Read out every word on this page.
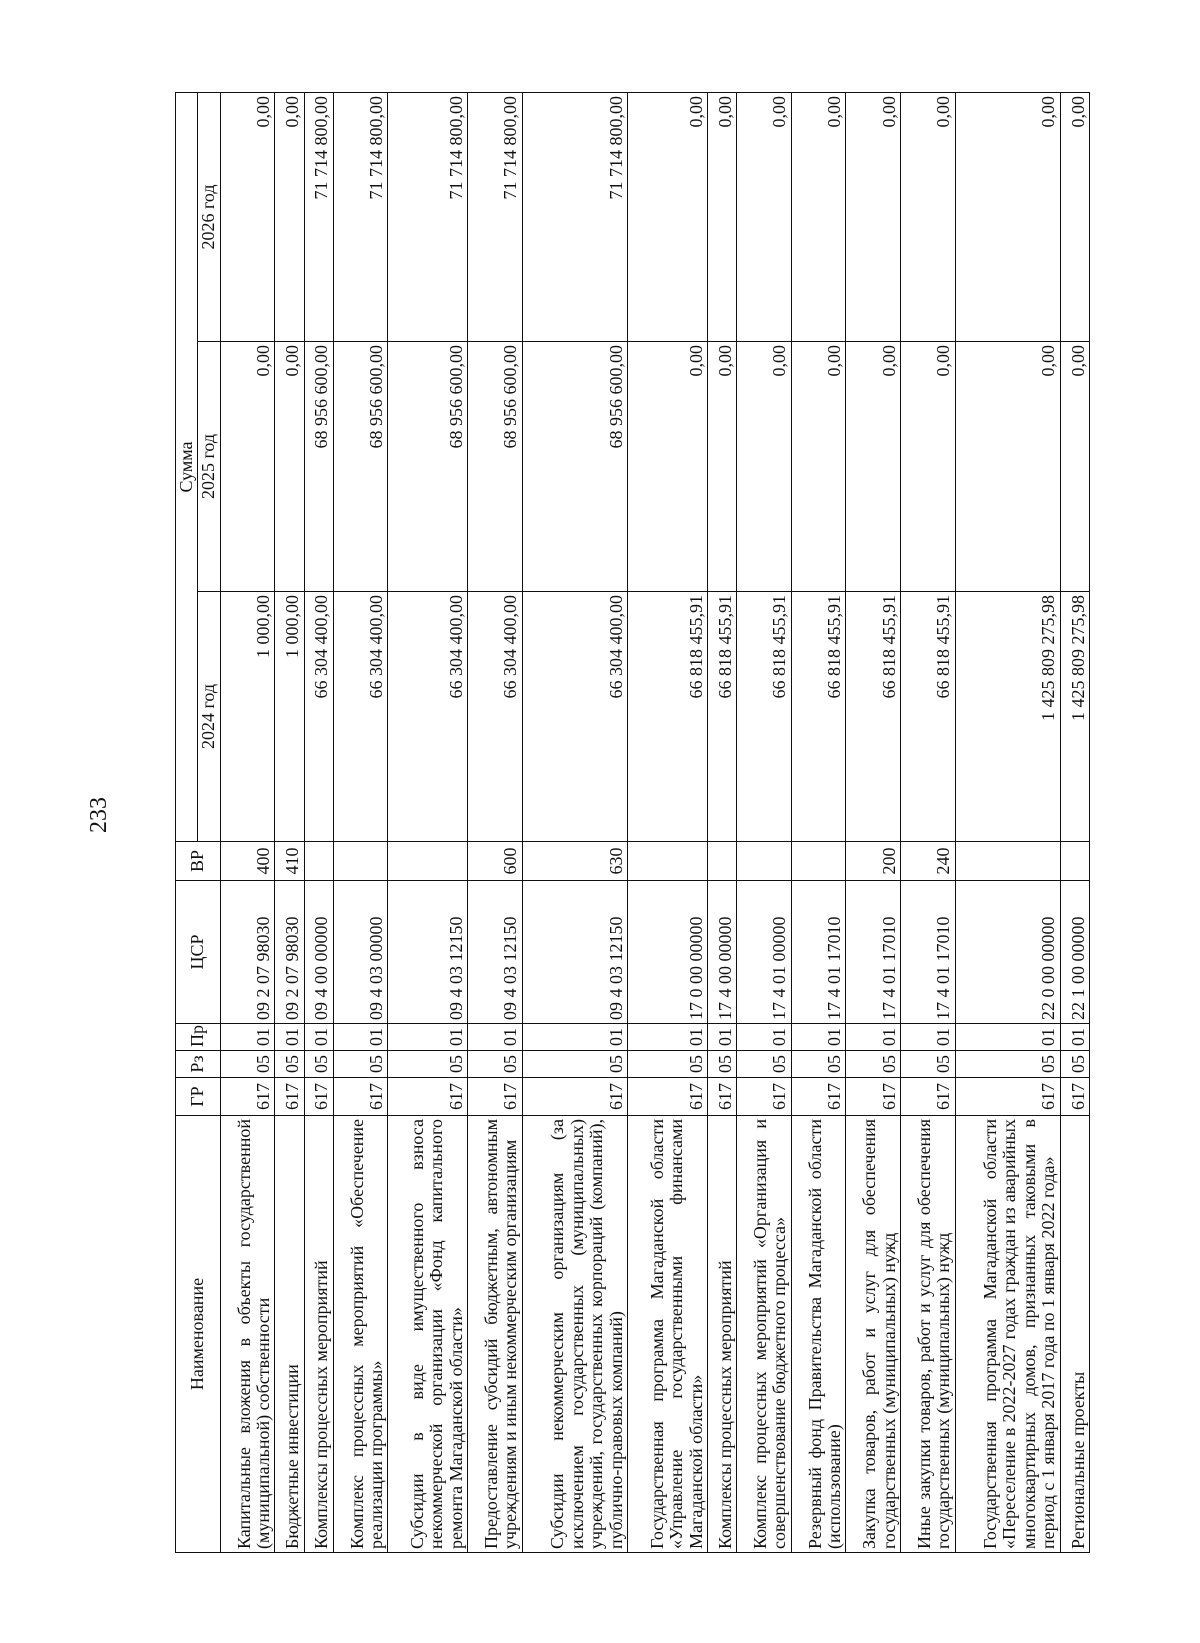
233
Наименование	ГР	Рз	Пр	ЦСР	ВР	Сумма		
						2024 год	2025 год	2026 год
Капитальные вложения в объекты государственной (муниципальной) собственности	617	05	01	09 2 07 98030	400	1 000,00	0,00	0,00
Бюджетные инвестиции	617	05	01	09 2 07 98030	410	1 000,00	0,00	0,00
Комплексы процессных мероприятий	617	05	01	09 4 00 00000		66 304 400,00	68 956 600,00	71 714 800,00
Комплекс процессных мероприятий «Обеспечение реализации программы»	617	05	01	09 4 03 00000		66 304 400,00	68 956 600,00	71 714 800,00
Субсидии в виде имущественного взноса некоммерческой организации «Фонд капитального ремонта Магаданской области»	617	05	01	09 4 03 12150		66 304 400,00	68 956 600,00	71 714 800,00
Предоставление субсидий бюджетным, автономным учреждениям и иным некоммерческим организациям	617	05	01	09 4 03 12150	600	66 304 400,00	68 956 600,00	71 714 800,00
Субсидии некоммерческим организациям (за исключением государственных (муниципальных) учреждений, государственных корпораций (компаний), публично-правовых компаний)	617	05	01	09 4 03 12150	630	66 304 400,00	68 956 600,00	71 714 800,00
Государственная программа Магаданской области «Управление государственными финансами Магаданской области»	617	05	01	17 0 00 00000		66 818 455,91	0,00	0,00
Комплексы процессных мероприятий	617	05	01	17 4 00 00000		66 818 455,91	0,00	0,00
Комплекс процессных мероприятий «Организация и совершенствование бюджетного процесса»	617	05	01	17 4 01 00000		66 818 455,91	0,00	0,00
Резервный фонд Правительства Магаданской области (использование)	617	05	01	17 4 01 17010		66 818 455,91	0,00	0,00
Закупка товаров, работ и услуг для обеспечения государственных (муниципальных) нужд	617	05	01	17 4 01 17010	200	66 818 455,91	0,00	0,00
Иные закупки товаров, работ и услуг для обеспечения государственных (муниципальных) нужд	617	05	01	17 4 01 17010	240	66 818 455,91	0,00	0,00
Государственная программа Магаданской области «Переселение в 2022-2027 годах граждан из аварийных многоквартирных домов, признанных таковыми в период с 1 января 2017 года по 1 января 2022 года»	617	05	01	22 0 00 00000		1 425 809 275,98	0,00	0,00
Региональные проекты	617	05	01	22 1 00 00000		1 425 809 275,98	0,00	0,00
